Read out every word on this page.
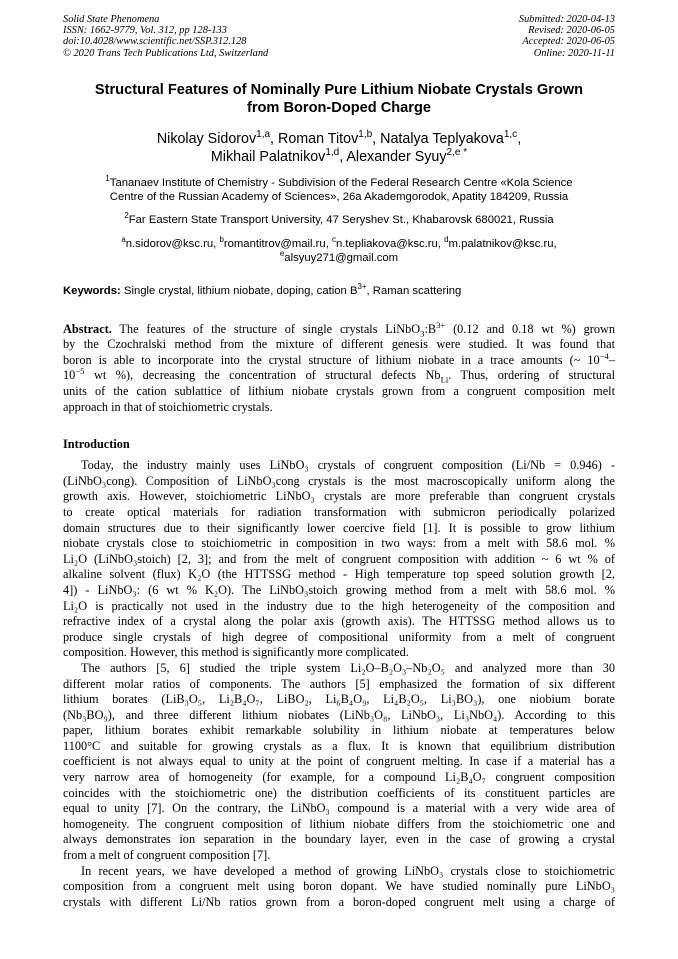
Solid State Phenomena
ISSN: 1662-9779, Vol. 312, pp 128-133
doi:10.4028/www.scientific.net/SSP.312.128
© 2020 Trans Tech Publications Ltd, Switzerland
Submitted: 2020-04-13
Revised: 2020-06-05
Accepted: 2020-06-05
Online: 2020-11-11
Structural Features of Nominally Pure Lithium Niobate Crystals Grown
from Boron-Doped Charge
Nikolay Sidorov$^{1,a}$, Roman Titov$^{1,b}$, Natalya Teplyakova$^{1,c}$,
Mikhail Palatnikov$^{1,d}$, Alexander Syuy$^{2,e *}$
$^1$Tananaev Institute of Chemistry - Subdivision of the Federal Research Centre «Kola Science
Centre of the Russian Academy of Sciences», 26a Akademgorodok, Apatity 184209, Russia
$^2$Far Eastern State Transport University, 47 Seryshev St., Khabarovsk 680021, Russia
$^a$n.sidorov@ksc.ru, $^b$romantitrov@mail.ru, $^c$n.tepliakova@ksc.ru, $^d$m.palatnikov@ksc.ru,
$^e$alsyuy271@gmail.com
Keywords: Single crystal, lithium niobate, doping, cation $B^{3+}$, Raman scattering
Abstract. The features of the structure of single crystals $LiNbO_3:B^{3+}$ (0.12 and 0.18 wt %) grown
by the Czochralski method from the mixture of different genesis were studied. It was found that
boron is able to incorporate into the crystal structure of lithium niobate in a trace amounts (~ $10^{-4}-$
$10^{-5}$ wt %), decreasing the concentration of structural defects $Nb_{Li}$. Thus, ordering of structural
units of the cation sublattice of lithium niobate crystals grown from a congruent composition melt
approach in that of stoichiometric crystals.
Introduction
Today, the industry mainly uses LiNbO₃ crystals of congruent composition (Li/Nb = 0.946) -
(LiNbO₃cong). Composition of LiNbO₃cong crystals is the most macroscopically uniform along the
growth axis. However, stoichiometric LiNbO₃ crystals are more preferable than congruent crystals
to create optical materials for radiation transformation with submicron periodically polarized
domain structures due to their significantly lower coercive field [1]. It is possible to grow lithium
niobate crystals close to stoichiometric in composition in two ways: from a melt with 58.6 mol. %
Li₂O (LiNbO₃stoich) [2, 3]; and from the melt of congruent composition with addition ~ 6 wt % of
alkaline solvent (flux) K₂O (the HTTSSG method - High temperature top speed solution growth [2,
4]) - LiNbO₃: (6 wt % K₂O). The LiNbO₃stoich growing method from a melt with 58.6 mol. %
Li₂O is practically not used in the industry due to the high heterogeneity of the composition and
refractive index of a crystal along the polar axis (growth axis). The HTTSSG method allows us to
produce single crystals of high degree of compositional uniformity from a melt of congruent
composition. However, this method is significantly more complicated.
The authors [5, 6] studied the triple system Li₂O–B₂O₃–Nb₂O₅ and analyzed more than 30
different molar ratios of components. The authors [5] emphasized the formation of six different
lithium borates (LiB₃O₅, Li₂B₄O₇, LiBO₂, Li₆B₄O₉, Li₄B₂O₅, Li₃BO₃), one niobium borate
(Nb₃BO₉), and three different lithium niobates (LiNb₃O₈, LiNbO₃, Li₃NbO₄). According to this
paper, lithium borates exhibit remarkable solubility in lithium niobate at temperatures below
1100°C and suitable for growing crystals as a flux. It is known that equilibrium distribution
coefficient is not always equal to unity at the point of congruent melting. In case if a material has a
very narrow area of homogeneity (for example, for a compound Li₂B₄O₇ congruent composition
coincides with the stoichiometric one) the distribution coefficients of its constituent particles are
equal to unity [7]. On the contrary, the LiNbO₃ compound is a material with a very wide area of
homogeneity. The congruent composition of lithium niobate differs from the stoichiometric one and
always demonstrates ion separation in the boundary layer, even in the case of growing a crystal
from a melt of congruent composition [7].
In recent years, we have developed a method of growing LiNbO₃ crystals close to stoichiometric
composition from a congruent melt using boron dopant. We have studied nominally pure LiNbO₃
crystals with different Li/Nb ratios grown from a boron-doped congruent melt using a charge of
